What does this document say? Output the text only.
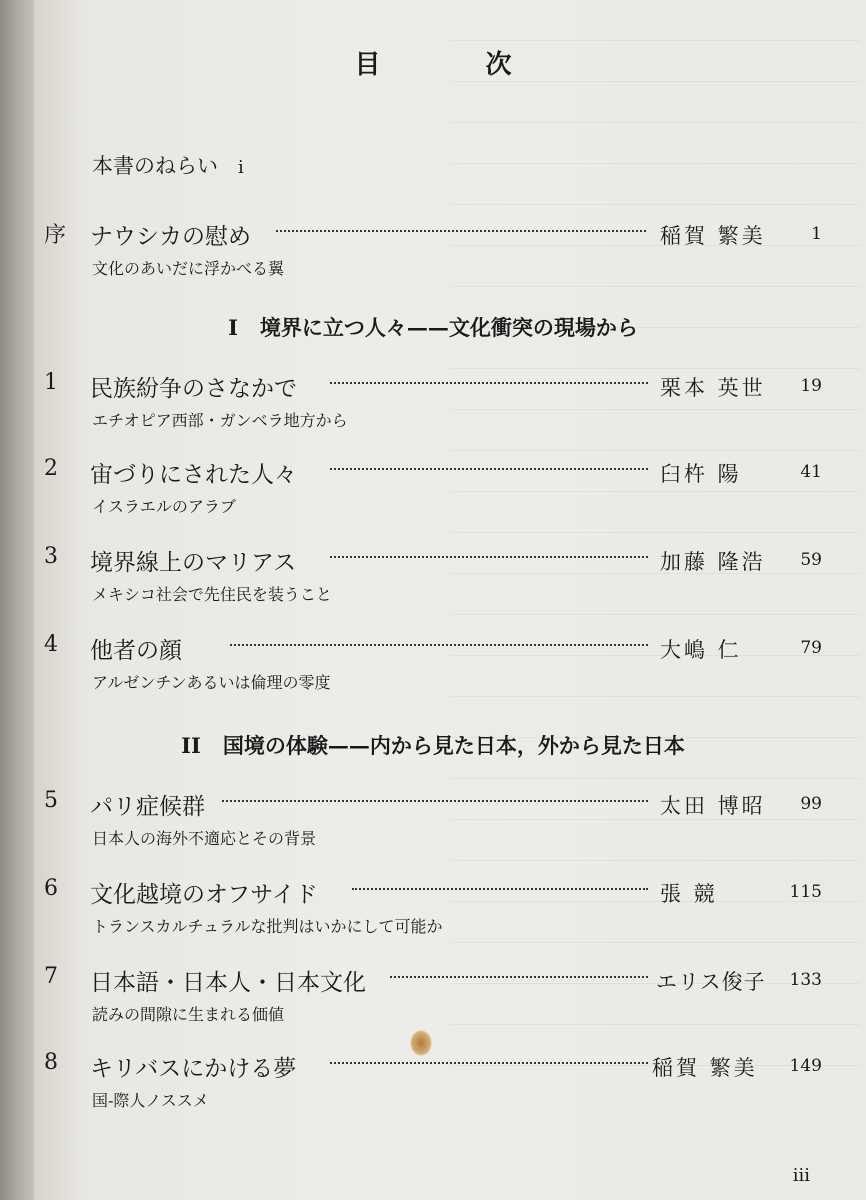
目 次
本書のねらい i
序 ナウシカの慰め	稲賀 繁美	1
文化のあいだに浮かべる翼
I 境界に立つ人々——文化衝突の現場から
1 民族紛争のさなかで	栗本 英世 19
エチオピア西部・ガンベラ地方から
2 宙づりにされた人々	臼杵 陽	41
イスラエルのアラブ
3 境界線上のマリアス	加藤 隆浩 59
メキシコ社会で先住民を装うこと
4 他者の顔	大嶋 仁	79
アルゼンチンあるいは倫理の零度
II 国境の体験——内から見た日本，外から見た日本
5 パリ症候群	太田 博昭 99
日本人の海外不適応とその背景
6 文化越境のオフサイド	張 競	115
トランスカルチュラルな批判はいかにして可能か
7 日本語・日本人・日本文化	エリス俊子 133
読みの間隙に生まれる価値
8 キリバスにかける夢	稲賀 繁美 149
国-際人ノススメ
iii
